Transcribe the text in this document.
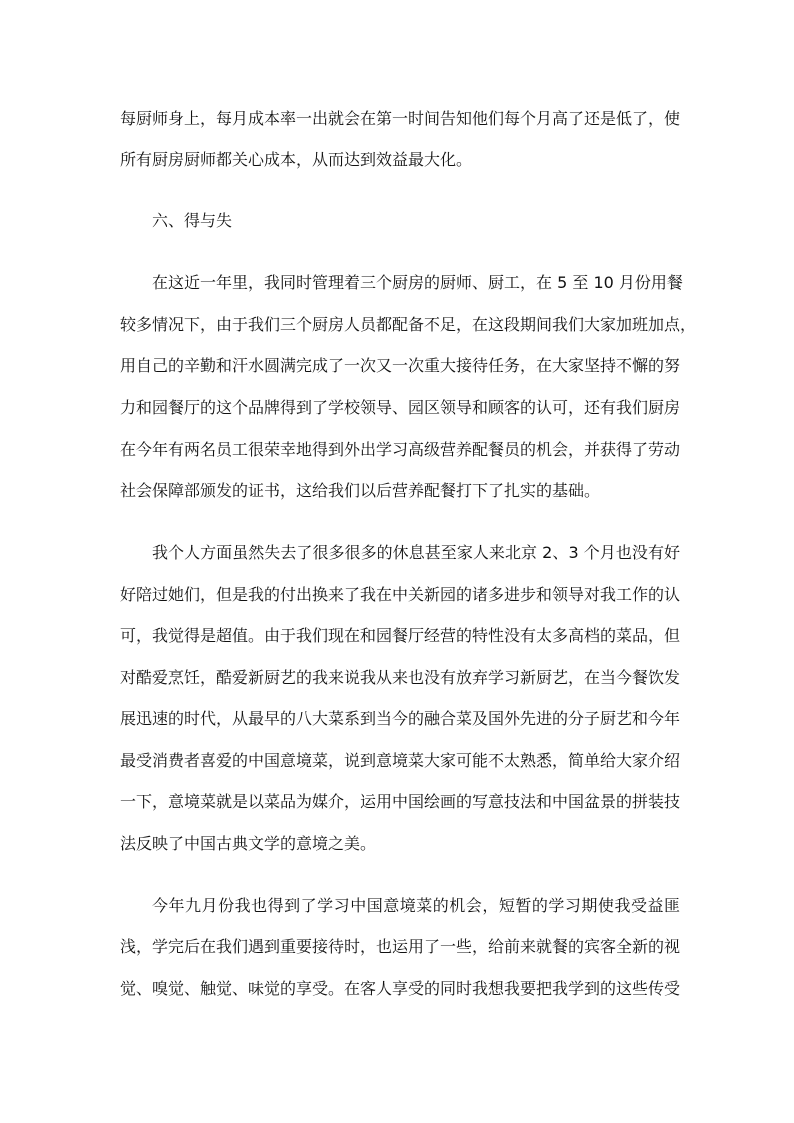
每厨师身上，每月成本率一出就会在第一时间告知他们每个月高了还是低了，使
所有厨房厨师都关心成本，从而达到效益最大化。
六、得与失
在这近一年里，我同时管理着三个厨房的厨师、厨工，在 5 至 10 月份用餐
较多情况下，由于我们三个厨房人员都配备不足，在这段期间我们大家加班加点，
用自己的辛勤和汗水圆满完成了一次又一次重大接待任务，在大家坚持不懈的努
力和园餐厅的这个品牌得到了学校领导、园区领导和顾客的认可，还有我们厨房
在今年有两名员工很荣幸地得到外出学习高级营养配餐员的机会，并获得了劳动
社会保障部颁发的证书，这给我们以后营养配餐打下了扎实的基础。
我个人方面虽然失去了很多很多的休息甚至家人来北京 2、3 个月也没有好
好陪过她们，但是我的付出换来了我在中关新园的诸多进步和领导对我工作的认
可，我觉得是超值。由于我们现在和园餐厅经营的特性没有太多高档的菜品，但
对酷爱烹饪，酷爱新厨艺的我来说我从来也没有放弃学习新厨艺，在当今餐饮发
展迅速的时代，从最早的八大菜系到当今的融合菜及国外先进的分子厨艺和今年
最受消费者喜爱的中国意境菜，说到意境菜大家可能不太熟悉，简单给大家介绍
一下，意境菜就是以菜品为媒介，运用中国绘画的写意技法和中国盆景的拼装技
法反映了中国古典文学的意境之美。
今年九月份我也得到了学习中国意境菜的机会，短暂的学习期使我受益匪
浅，学完后在我们遇到重要接待时，也运用了一些，给前来就餐的宾客全新的视
觉、嗅觉、触觉、味觉的享受。在客人享受的同时我想我要把我学到的这些传受
